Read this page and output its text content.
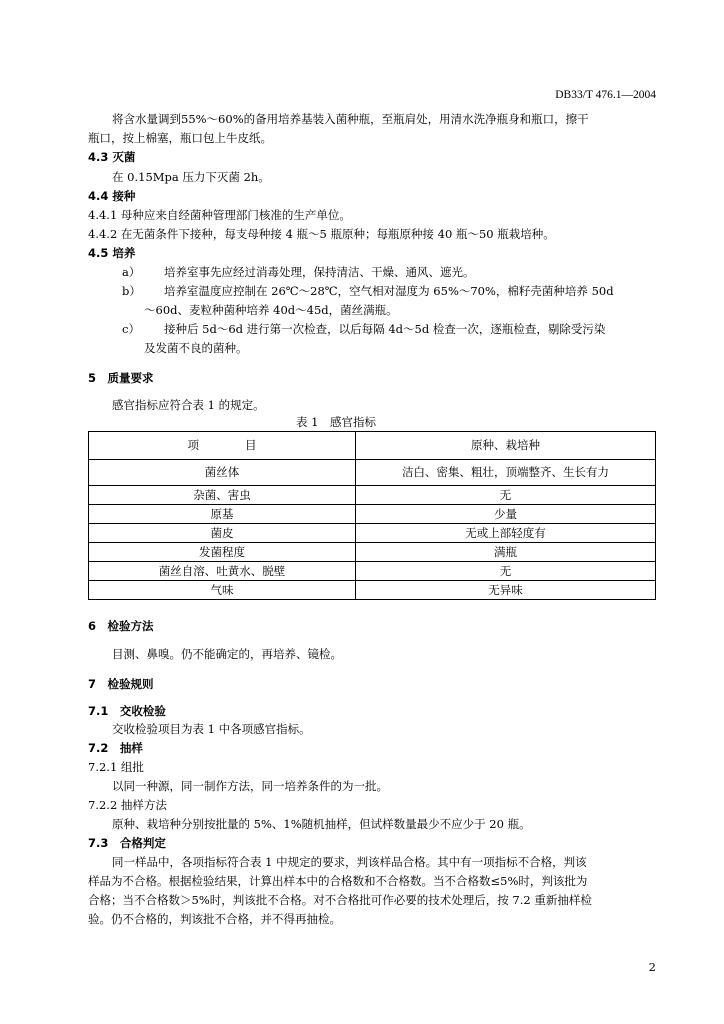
DB33/T 476.1—2004
将含水量调到55%～60%的备用培养基装入菌种瓶，至瓶肩处，用清水洗净瓶身和瓶口，擦干
瓶口，按上棉塞，瓶口包上牛皮纸。
4.3 灭菌
在 0.15Mpa 压力下灭菌 2h。
4.4 接种
4.4.1 母种应来自经菌种管理部门核准的生产单位。
4.4.2 在无菌条件下接种，每支母种接 4 瓶～5 瓶原种；每瓶原种接 40 瓶～50 瓶栽培种。
4.5 培养
a） 培养室事先应经过消毒处理，保持清洁、干燥、通风、遮光。
b） 培养室温度应控制在 26℃～28℃，空气相对湿度为 65%～70%，棉籽壳菌种培养 50d
～60d、麦粒种菌种培养 40d～45d，菌丝满瓶。
c） 接种后 5d～6d 进行第一次检查，以后每隔 4d～5d 检查一次，逐瓶检查，剔除受污染
及发菌不良的菌种。
5　质量要求
感官指标应符合表 1 的规定。
表 1　感官指标
项　　　　目	原种、栽培种
菌丝体	洁白、密集、粗壮，顶端整齐、生长有力
杂菌、害虫	无
原基	少量
菌皮	无或上部轻度有
发菌程度	满瓶
菌丝自溶、吐黄水、脱壁	无
气味	无异味
6　检验方法
目测、鼻嗅。仍不能确定的，再培养、镜检。
7　检验规则
7.1　交收检验
交收检验项目为表 1 中各项感官指标。
7.2　抽样
7.2.1 组批
以同一种源，同一制作方法，同一培养条件的为一批。
7.2.2 抽样方法
原种、栽培种分别按批量的 5%、1%随机抽样，但试样数量最少不应少于 20 瓶。
7.3　合格判定
同一样品中，各项指标符合表 1 中规定的要求，判该样品合格。其中有一项指标不合格，判该
样品为不合格。根据检验结果，计算出样本中的合格数和不合格数。当不合格数≤5%时，判该批为
合格；当不合格数＞5%时，判该批不合格。对不合格批可作必要的技术处理后，按 7.2 重新抽样检
验。仍不合格的，判该批不合格，并不得再抽检。
2
